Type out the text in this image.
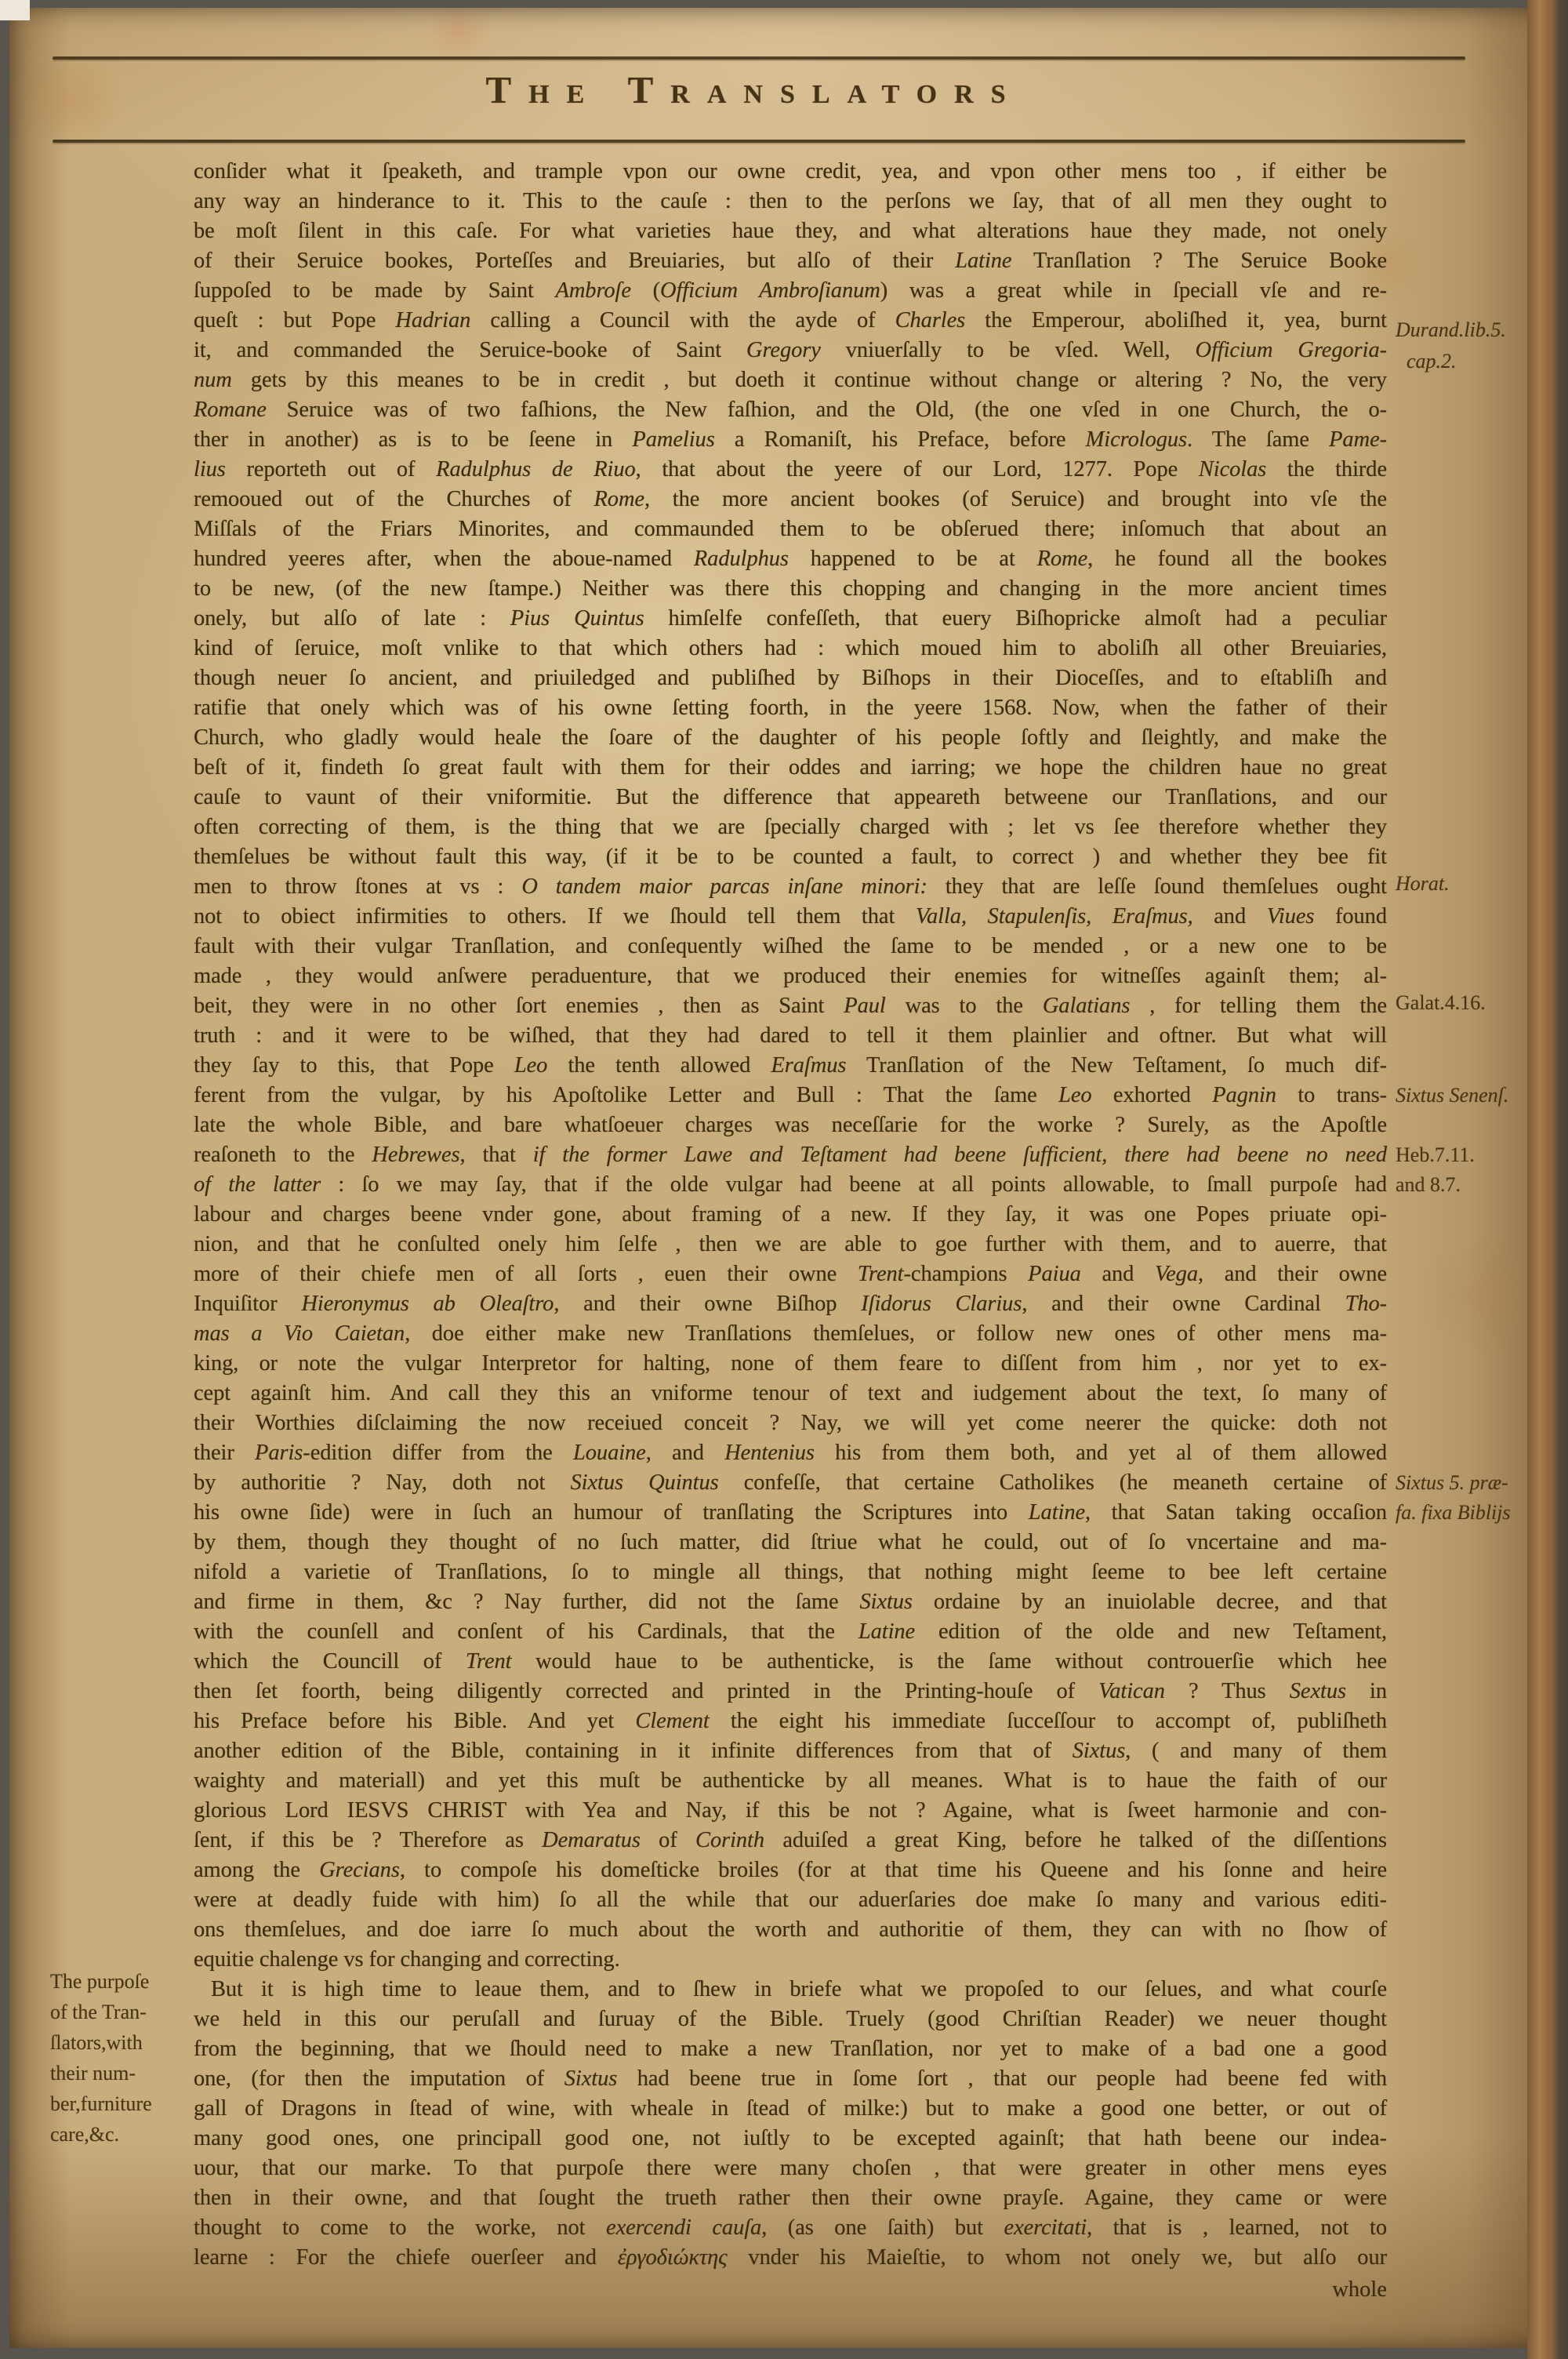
The Translators
conſider what it ſpeaketh, and trample vpon our owne credit, yea, and vpon other mens too , if either be
any way an hinderance to it. This to the cauſe : then to the perſons we ſay, that of all men they ought to
be moſt ſilent in this caſe. For what varieties haue they, and what alterations haue they made, not onely
of their Seruice bookes, Porteſſes and Breuiaries, but alſo of their Latine Tranſlation ? The Seruice Booke
ſuppoſed to be made by Saint Ambroſe (Officium Ambroſianum) was a great while in ſpeciall vſe and re-
queſt : but Pope Hadrian calling a Council with the ayde of Charles the Emperour, aboliſhed it, yea, burnt
it, and commanded the Seruice-booke of Saint Gregory vniuerſally to be vſed. Well, Officium Gregoria-
num gets by this meanes to be in credit , but doeth it continue without change or altering ? No, the very
Romane Seruice was of two faſhions, the New faſhion, and the Old, (the one vſed in one Church, the o-
ther in another) as is to be ſeene in Pamelius a Romaniſt, his Preface, before Micrologus. The ſame Pame-
lius reporteth out of Radulphus de Riuo, that about the yeere of our Lord, 1277. Pope Nicolas the thirde
remooued out of the Churches of Rome, the more ancient bookes (of Seruice) and brought into vſe the
Miſſals of the Friars Minorites, and commaunded them to be obſerued there; inſomuch that about an
hundred yeeres after, when the aboue-named Radulphus happened to be at Rome, he found all the bookes
to be new, (of the new ſtampe.) Neither was there this chopping and changing in the more ancient times
onely, but alſo of late : Pius Quintus himſelfe confeſſeth, that euery Biſhopricke almoſt had a peculiar
kind of ſeruice, moſt vnlike to that which others had : which moued him to aboliſh all other Breuiaries,
though neuer ſo ancient, and priuiledged and publiſhed by Biſhops in their Dioceſſes, and to eſtabliſh and
ratifie that onely which was of his owne ſetting foorth, in the yeere 1568. Now, when the father of their
Church, who gladly would heale the ſoare of the daughter of his people ſoftly and ſleightly, and make the
beſt of it, findeth ſo great fault with them for their oddes and iarring; we hope the children haue no great
cauſe to vaunt of their vniformitie. But the difference that appeareth betweene our Tranſlations, and our
often correcting of them, is the thing that we are ſpecially charged with ; let vs ſee therefore whether they
themſelues be without fault this way, (if it be to be counted a fault, to correct ) and whether they bee fit
men to throw ſtones at vs : O tandem maior parcas inſane minori: they that are leſſe ſound themſelues ought
not to obiect infirmities to others. If we ſhould tell them that Valla, Stapulenſis, Eraſmus, and Viues found
fault with their vulgar Tranſlation, and conſequently wiſhed the ſame to be mended , or a new one to be
made , they would anſwere peraduenture, that we produced their enemies for witneſſes againſt them; al-
beit, they were in no other ſort enemies , then as Saint Paul was to the Galatians , for telling them the
truth : and it were to be wiſhed, that they had dared to tell it them plainlier and oftner. But what will
they ſay to this, that Pope Leo the tenth allowed Eraſmus Tranſlation of the New Teſtament, ſo much dif-
ferent from the vulgar, by his Apoſtolike Letter and Bull : That the ſame Leo exhorted Pagnin to trans-
late the whole Bible, and bare whatſoeuer charges was neceſſarie for the worke ? Surely, as the Apoſtle
reaſoneth to the Hebrewes, that if the former Lawe and Teſtament had beene ſufficient, there had beene no need
of the latter : ſo we may ſay, that if the olde vulgar had beene at all points allowable, to ſmall purpoſe had
labour and charges beene vnder gone, about framing of a new. If they ſay, it was one Popes priuate opi-
nion, and that he conſulted onely him ſelfe , then we are able to goe further with them, and to auerre, that
more of their chiefe men of all ſorts , euen their owne Trent-champions Paiua and Vega, and their owne
Inquiſitor Hieronymus ab Oleaſtro, and their owne Biſhop Iſidorus Clarius, and their owne Cardinal Tho-
mas a Vio Caietan, doe either make new Tranſlations themſelues, or follow new ones of other mens ma-
king, or note the vulgar Interpretor for halting, none of them feare to diſſent from him , nor yet to ex-
cept againſt him. And call they this an vniforme tenour of text and iudgement about the text, ſo many of
their Worthies diſclaiming the now receiued conceit ? Nay, we will yet come neerer the quicke: doth not
their Paris-edition differ from the Louaine, and Hentenius his from them both, and yet al of them allowed
by authoritie ? Nay, doth not Sixtus Quintus confeſſe, that certaine Catholikes (he meaneth certaine of
his owne ſide) were in ſuch an humour of tranſlating the Scriptures into Latine, that Satan taking occaſion
by them, though they thought of no ſuch matter, did ſtriue what he could, out of ſo vncertaine and ma-
nifold a varietie of Tranſlations, ſo to mingle all things, that nothing might ſeeme to bee left certaine
and firme in them, &c ? Nay further, did not the ſame Sixtus ordaine by an inuiolable decree, and that
with the counſell and conſent of his Cardinals, that the Latine edition of the olde and new Teſtament,
which the Councill of Trent would haue to be authenticke, is the ſame without controuerſie which hee
then ſet foorth, being diligently corrected and printed in the Printing-houſe of Vatican ? Thus Sextus in
his Preface before his Bible. And yet Clement the eight his immediate ſucceſſour to accompt of, publiſheth
another edition of the Bible, containing in it infinite differences from that of Sixtus, ( and many of them
waighty and materiall) and yet this muſt be authenticke by all meanes. What is to haue the faith of our
glorious Lord IESVS CHRIST with Yea and Nay, if this be not ? Againe, what is ſweet harmonie and con-
ſent, if this be ? Therefore as Demaratus of Corinth aduiſed a great King, before he talked of the diſſentions
among the Grecians, to compoſe his domeſticke broiles (for at that time his Queene and his ſonne and heire
were at deadly fuide with him) ſo all the while that our aduerſaries doe make ſo many and various editi-
ons themſelues, and doe iarre ſo much about the worth and authoritie of them, they can with no ſhow of
equitie chalenge vs for changing and correcting.
But it is high time to leaue them, and to ſhew in briefe what we propoſed to our ſelues, and what courſe
we held in this our peruſall and ſuruay of the Bible. Truely (good Chriſtian Reader) we neuer thought
from the beginning, that we ſhould need to make a new Tranſlation, nor yet to make of a bad one a good
one, (for then the imputation of Sixtus had beene true in ſome ſort , that our people had beene fed with
gall of Dragons in ſtead of wine, with wheale in ſtead of milke:) but to make a good one better, or out of
many good ones, one principall good one, not iuſtly to be excepted againſt; that hath beene our indea-
uour, that our marke. To that purpoſe there were many choſen , that were greater in other mens eyes
then in their owne, and that ſought the trueth rather then their owne prayſe. Againe, they came or were
thought to come to the worke, not exercendi cauſa, (as one ſaith) but exercitati, that is , learned, not to
learne : For the chiefe ouerſeer and ἐργοδιώκτης vnder his Maieſtie, to whom not onely we, but alſo our
Durand.lib.5.
cap.2.
Horat.
Galat.4.16.
Sixtus Senenſ.
Heb.7.11.
and 8.7.
Sixtus 5. præ-
fa. fixa Biblijs
The purpoſe
of the Tran-
ſlators,with
their num-
ber,furniture
care,&c.
whole
